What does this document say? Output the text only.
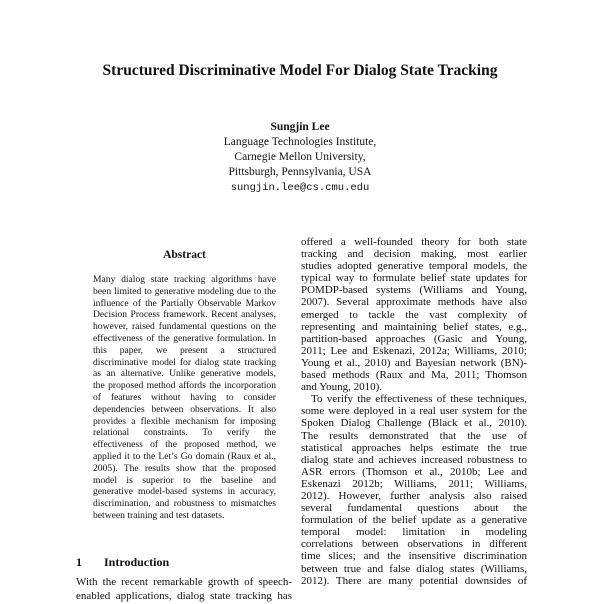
Structured Discriminative Model For Dialog State Tracking
Sungjin Lee
Language Technologies Institute,
Carnegie Mellon University,
Pittsburgh, Pennsylvania, USA
sungjin.lee@cs.cmu.edu
Abstract
Many dialog state tracking algorithms have
been limited to generative modeling due to the
influence of the Partially Observable Markov
Decision Process framework. Recent analyses,
however, raised fundamental questions on the
effectiveness of the generative formulation. In
this paper, we present a structured
discriminative model for dialog state tracking
as an alternative. Unlike generative models,
the proposed method affords the incorporation
of features without having to consider
dependencies between observations. It also
provides a flexible mechanism for imposing
relational constraints. To verify the
effectiveness of the proposed method, we
applied it to the Let’s Go domain (Raux et al.,
2005). The results show that the proposed
model is superior to the baseline and
generative model-based systems in accuracy,
discrimination, and robustness to mismatches
between training and test datasets.
1 Introduction
With the recent remarkable growth of speech-
enabled applications, dialog state tracking has
offered a well-founded theory for both state
tracking and decision making, most earlier
studies adopted generative temporal models, the
typical way to formulate belief state updates for
POMDP-based systems (Williams and Young,
2007). Several approximate methods have also
emerged to tackle the vast complexity of
representing and maintaining belief states, e.g.,
partition-based approaches (Gasic and Young,
2011; Lee and Eskenazi, 2012a; Williams, 2010;
Young et al., 2010) and Bayesian network (BN)-
based methods (Raux and Ma, 2011; Thomson
and Young, 2010).
To verify the effectiveness of these techniques,
some were deployed in a real user system for the
Spoken Dialog Challenge (Black et al., 2010).
The results demonstrated that the use of
statistical approaches helps estimate the true
dialog state and achieves increased robustness to
ASR errors (Thomson et al., 2010b; Lee and
Eskenazi 2012b; Williams, 2011; Williams,
2012). However, further analysis also raised
several fundamental questions about the
formulation of the belief update as a generative
temporal model: limitation in modeling
correlations between observations in different
time slices; and the insensitive discrimination
between true and false dialog states (Williams,
2012). There are many potential downsides of
